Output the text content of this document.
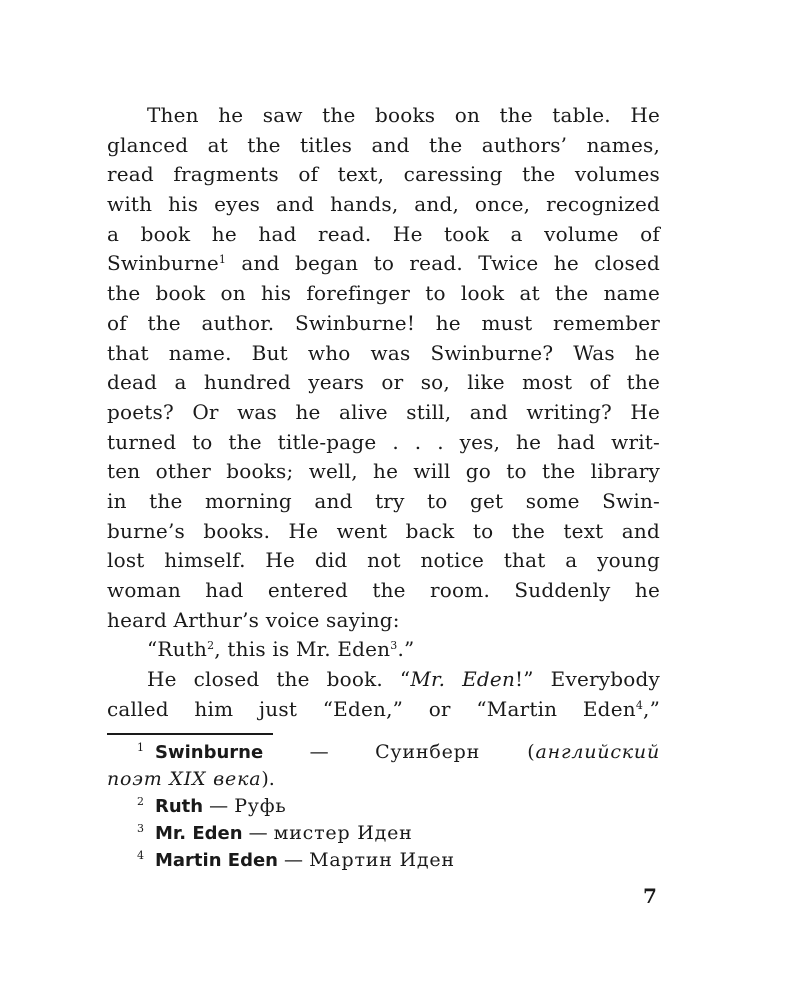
Then he saw the books on the table. He
glanced at the titles and the authors’ names,
read fragments of text, caressing the volumes
with his eyes and hands, and, once, recognized
a book he had read. He took a volume of
Swinburne$^1$ and began to read. Twice he closed
the book on his forefinger to look at the name
of the author. Swinburne! he must remember
that name. But who was Swinburne? Was he
dead a hundred years or so, like most of the
poets? Or was he alive still, and writing? He
turned to the title-page . . . yes, he had writ-
ten other books; well, he will go to the library
in the morning and try to get some Swin-
burne’s books. He went back to the text and
lost himself. He did not notice that a young
woman had entered the room. Suddenly he
heard Arthur’s voice saying:
“Ruth$^2$, this is Mr. Eden$^3$.”
He closed the book. “Mr. Eden!” Everybody
called him just “Eden,” or “Martin Eden$^4$,”
1 Swinburne — Суинберн (английский
поэт XIX века).
2 Ruth — Руфь
3 Mr. Eden — мистер Иден
4 Martin Eden — Мартин Иден
7
